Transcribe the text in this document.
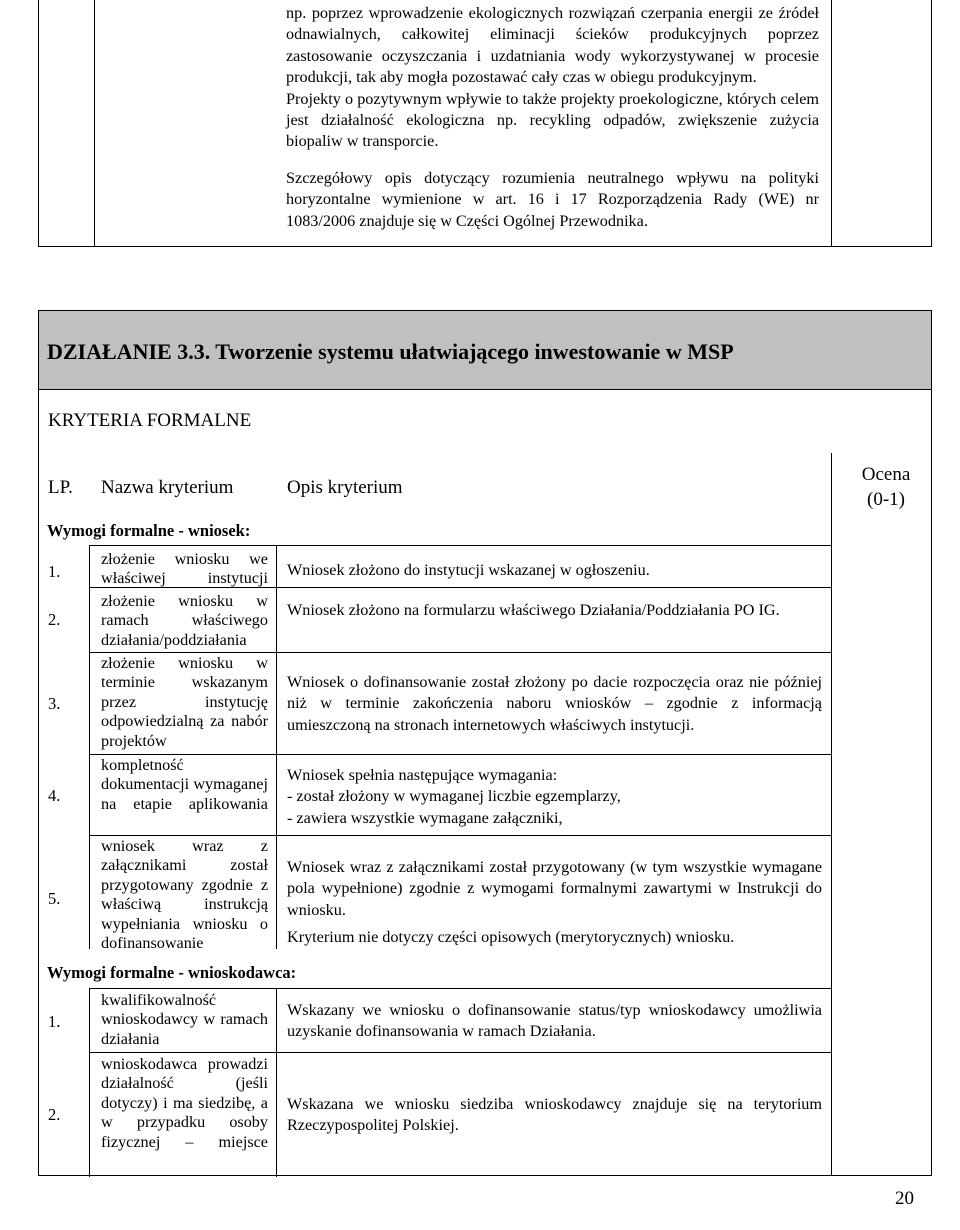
np. poprzez wprowadzenie ekologicznych rozwiązań czerpania energii ze źródeł odnawialnych, całkowitej eliminacji ścieków produkcyjnych poprzez zastosowanie oczyszczania i uzdatniania wody wykorzystywanej w procesie produkcji, tak aby mogła pozostawać cały czas w obiegu produkcyjnym.

Projekty o pozytywnym wpływie to także projekty proekologiczne, których celem jest działalność ekologiczna np. recykling odpadów, zwiększenie zużycia biopaliw w transporcie.

Szczegółowy opis dotyczący rozumienia neutralnego wpływu na polityki horyzontalne wymienione w art. 16 i 17 Rozporządzenia Rady (WE) nr 1083/2006 znajduje się w Części Ogólnej Przewodnika.

DZIAŁANIE 3.3. Tworzenie systemu ułatwiającego inwestowanie w MSP
KRYTERIA FORMALNE
LP. Nazwa kryterium	Opis kryterium
Ocena
(0-1)
Wymogi formalne - wniosek:
1.
złożenie wniosku we właściwej instytucji Wniosek złożono do instytucji wskazanej w ogłoszeniu.

2.
złożenie wniosku w ramach właściwego działania/poddziałania

Wniosek złożono na formularzu właściwego Działania/Poddziałania PO IG.

3.
złożenie wniosku w terminie wskazanym przez instytucję odpowiedzialną za nabór projektów

Wniosek o dofinansowanie został złożony po dacie rozpoczęcia oraz nie później niż w terminie zakończenia naboru wniosków – zgodnie z informacją umieszczoną na stronach internetowych właściwych instytucji.

4.
kompletność dokumentacji wymaganej na etapie aplikowania

Wniosek spełnia następujące wymagania:

- został złożony w wymaganej liczbie egzemplarzy,

- zawiera wszystkie wymagane załączniki,

5.
wniosek wraz z załącznikami został przygotowany zgodnie z właściwą instrukcją wypełniania wniosku o dofinansowanie

Wniosek wraz z załącznikami został przygotowany (w tym wszystkie wymagane pola wypełnione) zgodnie z wymogami formalnymi zawartymi w Instrukcji do wniosku.

Kryterium nie dotyczy części opisowych (merytorycznych) wniosku.

Wymogi formalne - wnioskodawca:
1.
kwalifikowalność wnioskodawcy w ramach działania

Wskazany we wniosku o dofinansowanie status/typ wnioskodawcy umożliwia uzyskanie dofinansowania w ramach Działania.

2.
wnioskodawca prowadzi działalność (jeśli dotyczy) i ma siedzibę, a w przypadku osoby fizycznej – miejsce

Wskazana we wniosku siedziba wnioskodawcy znajduje się na terytorium Rzeczypospolitej Polskiej.

20
